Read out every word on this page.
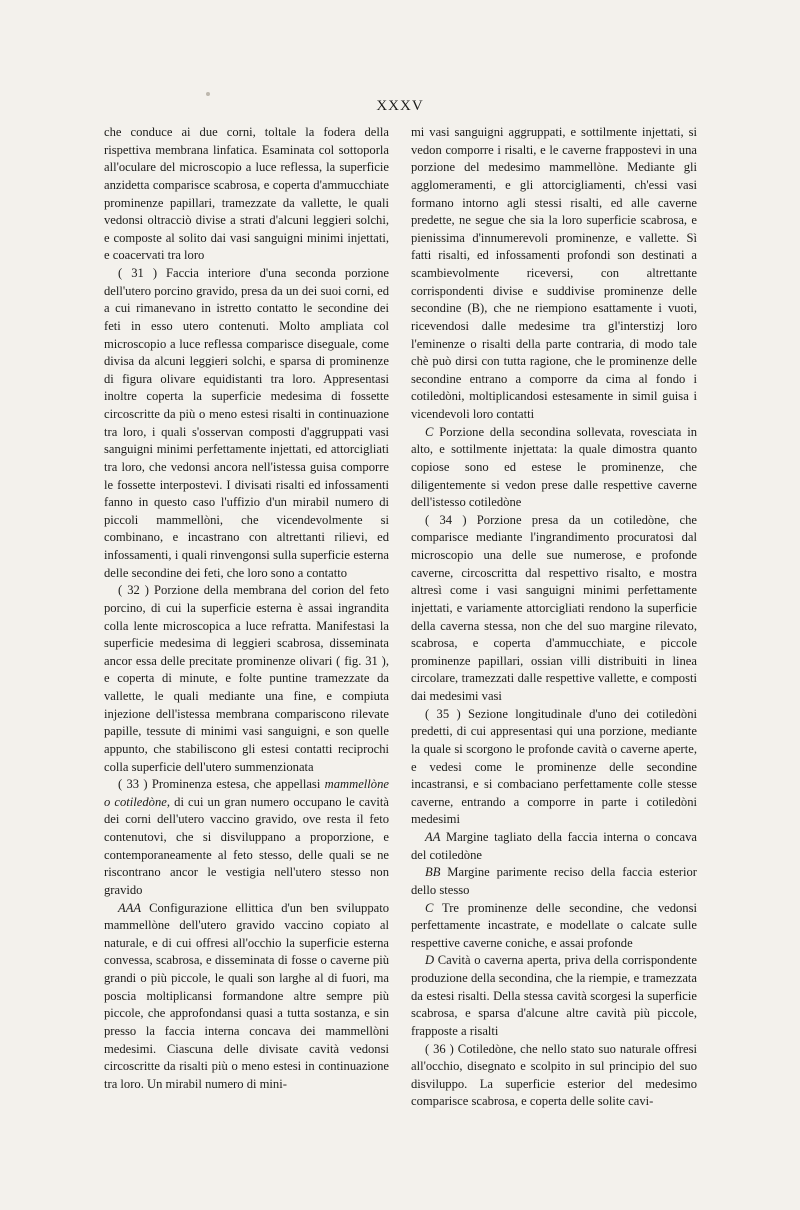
XXXV

che conduce ai due corni, toltale la fodera della rispettiva membrana linfatica. Esaminata col sottoporla all'oculare del microscopio a luce reflessa, la superficie anzidetta comparisce scabrosa, e coperta d'ammucchiate prominenze papillari, tramezzate da vallette, le quali vedonsi oltracciò divise a strati d'alcuni leggieri solchi, e composte al solito dai vasi sanguigni minimi injettati, e coacervati tra loro

( 31 ) Faccia interiore d'una seconda porzione dell'utero porcino gravido, presa da un dei suoi corni, ed a cui rimanevano in istretto contatto le secondine dei feti in esso utero contenuti. Molto ampliata col microscopio a luce reflessa comparisce diseguale, come divisa da alcuni leggieri solchi, e sparsa di prominenze di figura olivare equidistanti tra loro. Appresentasi inoltre coperta la superficie medesima di fossette circoscritte da più o meno estesi risalti in continuazione tra loro, i quali s'osservan composti d'aggruppati vasi sanguigni minimi perfettamente injettati, ed attorcigliati tra loro, che vedonsi ancora nell'istessa guisa comporre le fossette interpostevi. I divisati risalti ed infossamenti fanno in questo caso l'uffizio d'un mirabil numero di piccoli mammellòni, che vicendevolmente si combinano, e incastrano con altrettanti rilievi, ed infossamenti, i quali rinvengonsi sulla superficie esterna delle secondine dei feti, che loro sono a contatto

( 32 ) Porzione della membrana del corion del feto porcino, di cui la superficie esterna è assai ingrandita colla lente microscopica a luce refratta. Manifestasi la superficie medesima di leggieri scabrosa, disseminata ancor essa delle precitate prominenze olivari ( fig. 31 ), e coperta di minute, e folte puntine tramezzate da vallette, le quali mediante una fine, e compiuta injezione dell'istessa membrana compariscono rilevate papille, tessute di minimi vasi sanguigni, e son quelle appunto, che stabiliscono gli estesi contatti reciprochi colla superficie dell'utero summenzionata

( 33 ) Prominenza estesa, che appellasi mammellòne o cotiledòne, di cui un gran numero occupano le cavità dei corni dell'utero vaccino gravido, ove resta il feto contenutovi, che si disviluppano a proporzione, e contemporaneamente al feto stesso, delle quali se ne riscontrano ancor le vestigia nell'utero stesso non gravido

AAA Configurazione ellittica d'un ben sviluppato mammellòne dell'utero gravido vaccino copiato al naturale, e di cui offresi all'occhio la superficie esterna convessa, scabrosa, e disseminata di fosse o caverne più grandi o più piccole, le quali son larghe al di fuori, ma poscia moltiplicansi formandone altre sempre più piccole, che approfondansi quasi a tutta sostanza, e sin presso la faccia interna concava dei mammellòni medesimi. Ciascuna delle divisate cavità vedonsi circoscritte da risalti più o meno estesi in continuazione tra loro. Un mirabil numero di mini-

mi vasi sanguigni aggruppati, e sottilmente injettati, si vedon comporre i risalti, e le caverne frappostevi in una porzione del medesimo mammellòne. Mediante gli agglomeramenti, e gli attorcigliamenti, ch'essi vasi formano intorno agli stessi risalti, ed alle caverne predette, ne segue che sia la loro superficie scabrosa, e pienissima d'innumerevoli prominenze, e vallette. Sì fatti risalti, ed infossamenti profondi son destinati a scambievolmente riceversi, con altrettante corrispondenti divise e suddivise prominenze delle secondine (B), che ne riempiono esattamente i vuoti, ricevendosi dalle medesime tra gl'interstizj loro l'eminenze o risalti della parte contraria, di modo tale chè può dirsi con tutta ragione, che le prominenze delle secondine entrano a comporre da cima al fondo i cotiledòni, moltiplicandosi estesamente in simil guisa i vicendevoli loro contatti

C Porzione della secondina sollevata, rovesciata in alto, e sottilmente injettata: la quale dimostra quanto copiose sono ed estese le prominenze, che diligentemente si vedon prese dalle respettive caverne dell'istesso cotiledòne

( 34 ) Porzione presa da un cotiledòne, che comparisce mediante l'ingrandimento procuratosi dal microscopio una delle sue numerose, e profonde caverne, circoscritta dal respettivo risalto, e mostra altresì come i vasi sanguigni minimi perfettamente injettati, e variamente attorcigliati rendono la superficie della caverna stessa, non che del suo margine rilevato, scabrosa, e coperta d'ammucchiate, e piccole prominenze papillari, ossian villi distribuiti in linea circolare, tramezzati dalle respettive vallette, e composti dai medesimi vasi

( 35 ) Sezione longitudinale d'uno dei cotiledòni predetti, di cui appresentasi qui una porzione, mediante la quale si scorgono le profonde cavità o caverne aperte, e vedesi come le prominenze delle secondine incastransi, e si combaciano perfettamente colle stesse caverne, entrando a comporre in parte i cotiledòni medesimi

AA Margine tagliato della faccia interna o concava del cotiledòne

BB Margine parimente reciso della faccia esterior dello stesso

C Tre prominenze delle secondine, che vedonsi perfettamente incastrate, e modellate o calcate sulle respettive caverne coniche, e assai profonde

D Cavità o caverna aperta, priva della corrispondente produzione della secondina, che la riempie, e tramezzata da estesi risalti. Della stessa cavità scorgesi la superficie scabrosa, e sparsa d'alcune altre cavità più piccole, frapposte a risalti

( 36 ) Cotiledòne, che nello stato suo naturale offresi all'occhio, disegnato e scolpito in sul principio del suo disviluppo. La superficie esterior del medesimo comparisce scabrosa, e coperta delle solite cavi-
